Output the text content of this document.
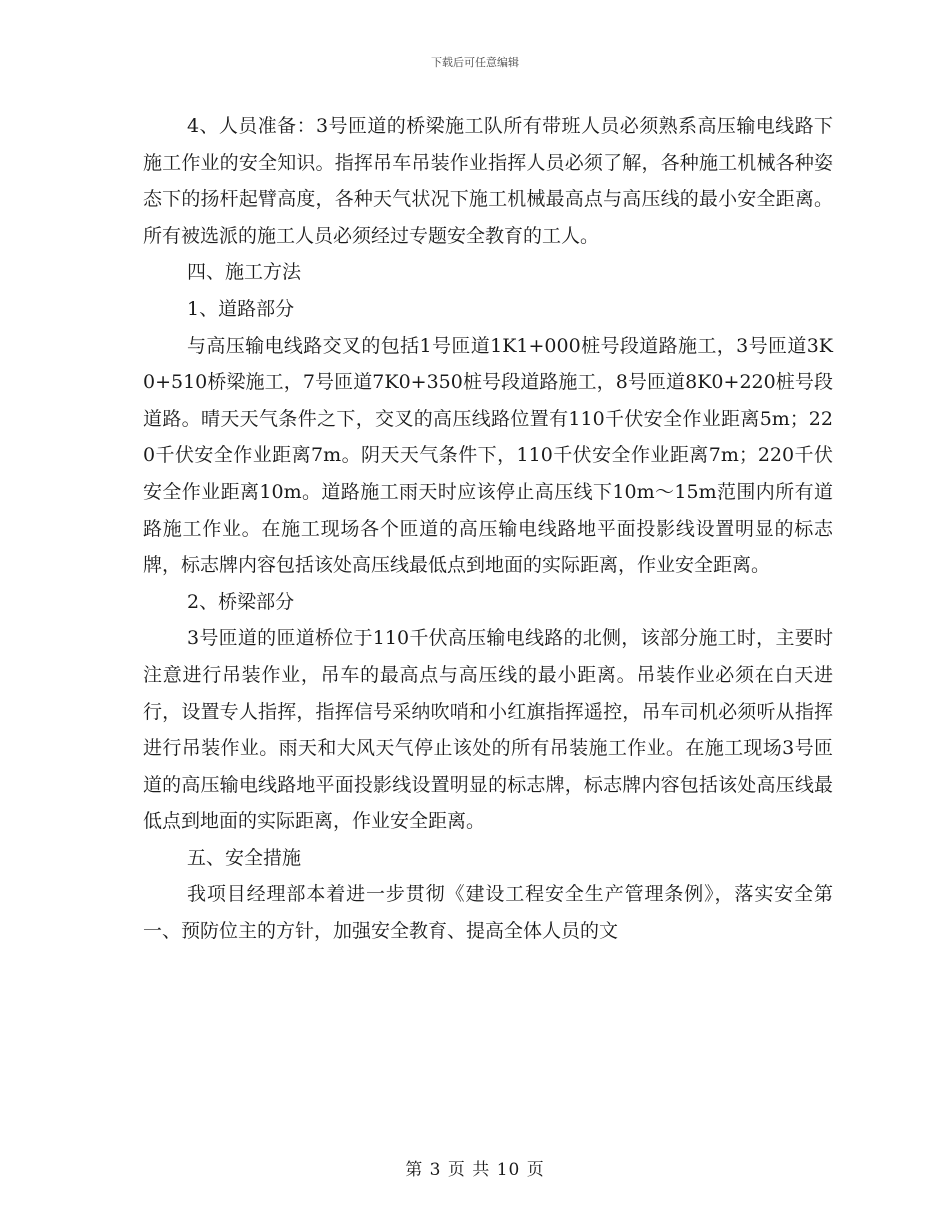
下载后可任意编辑

4、人员准备：3号匝道的桥梁施工队所有带班人员必须熟系高压输电线路下施工作业的安全知识。指挥吊车吊装作业指挥人员必须了解，各种施工机械各种姿态下的扬杆起臂高度，各种天气状况下施工机械最高点与高压线的最小安全距离。所有被选派的施工人员必须经过专题安全教育的工人。

四、施工方法

1、道路部分

与高压输电线路交叉的包括1号匝道1K1+000桩号段道路施工，3号匝道3K0+510桥梁施工，7号匝道7K0+350桩号段道路施工，8号匝道8K0+220桩号段道路。晴天天气条件之下，交叉的高压线路位置有110千伏安全作业距离5m；220千伏安全作业距离7m。阴天天气条件下，110千伏安全作业距离7m；220千伏安全作业距离10m。道路施工雨天时应该停止高压线下10m～15m范围内所有道路施工作业。在施工现场各个匝道的高压输电线路地平面投影线设置明显的标志牌，标志牌内容包括该处高压线最低点到地面的实际距离，作业安全距离。

2、桥梁部分

3号匝道的匝道桥位于110千伏高压输电线路的北侧，该部分施工时，主要时注意进行吊装作业，吊车的最高点与高压线的最小距离。吊装作业必须在白天进行，设置专人指挥，指挥信号采纳吹哨和小红旗指挥遥控，吊车司机必须听从指挥进行吊装作业。雨天和大风天气停止该处的所有吊装施工作业。在施工现场3号匝道的高压输电线路地平面投影线设置明显的标志牌，标志牌内容包括该处高压线最低点到地面的实际距离，作业安全距离。

五、安全措施

我项目经理部本着进一步贯彻《建设工程安全生产管理条例》，落实安全第一、预防位主的方针，加强安全教育、提高全体人员的文

第 3 页 共 10 页
